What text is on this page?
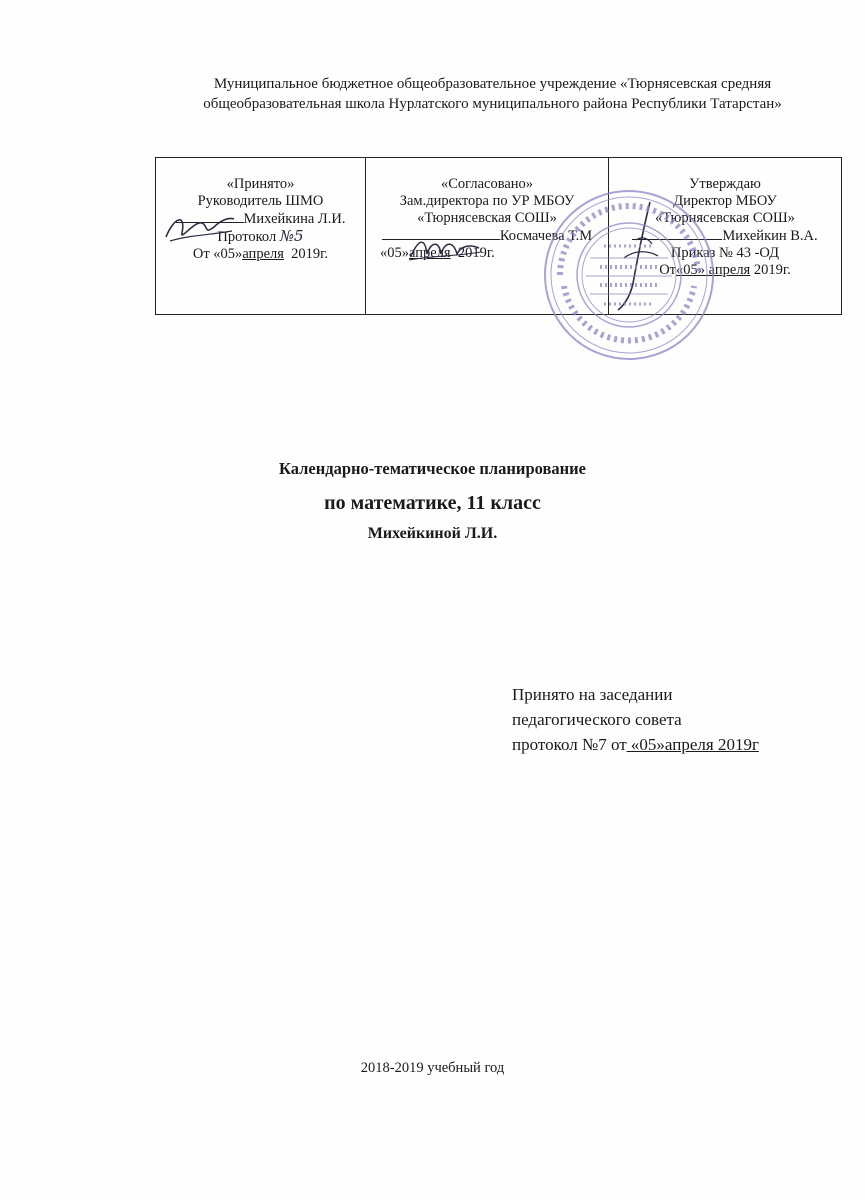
Муниципальное бюджетное общеобразовательное учреждение «Тюрнясевская средняя
общеобразовательная школа Нурлатского муниципального района Республики Татарстан»
«Принято»
Руководитель ШМО
Михейкина Л.И.
Протокол №5
От «05»апреля 2019г.

«Согласовано»
Зам.директора по УР МБОУ
«Тюрнясевская СОШ»
Космачева Т.М
«05»апреля 2019г.

Утверждаю
Директор МБОУ
«Тюрнясевская СОШ»
Михейкин В.А.
Приказ № 43 -ОД
От«05» апреля 2019г.
Календарно-тематическое планирование
по математике, 11 класс
Михейкиной Л.И.
Принято на заседании
педагогического совета
протокол №7 от «05»апреля 2019г
2018-2019 учебный год
